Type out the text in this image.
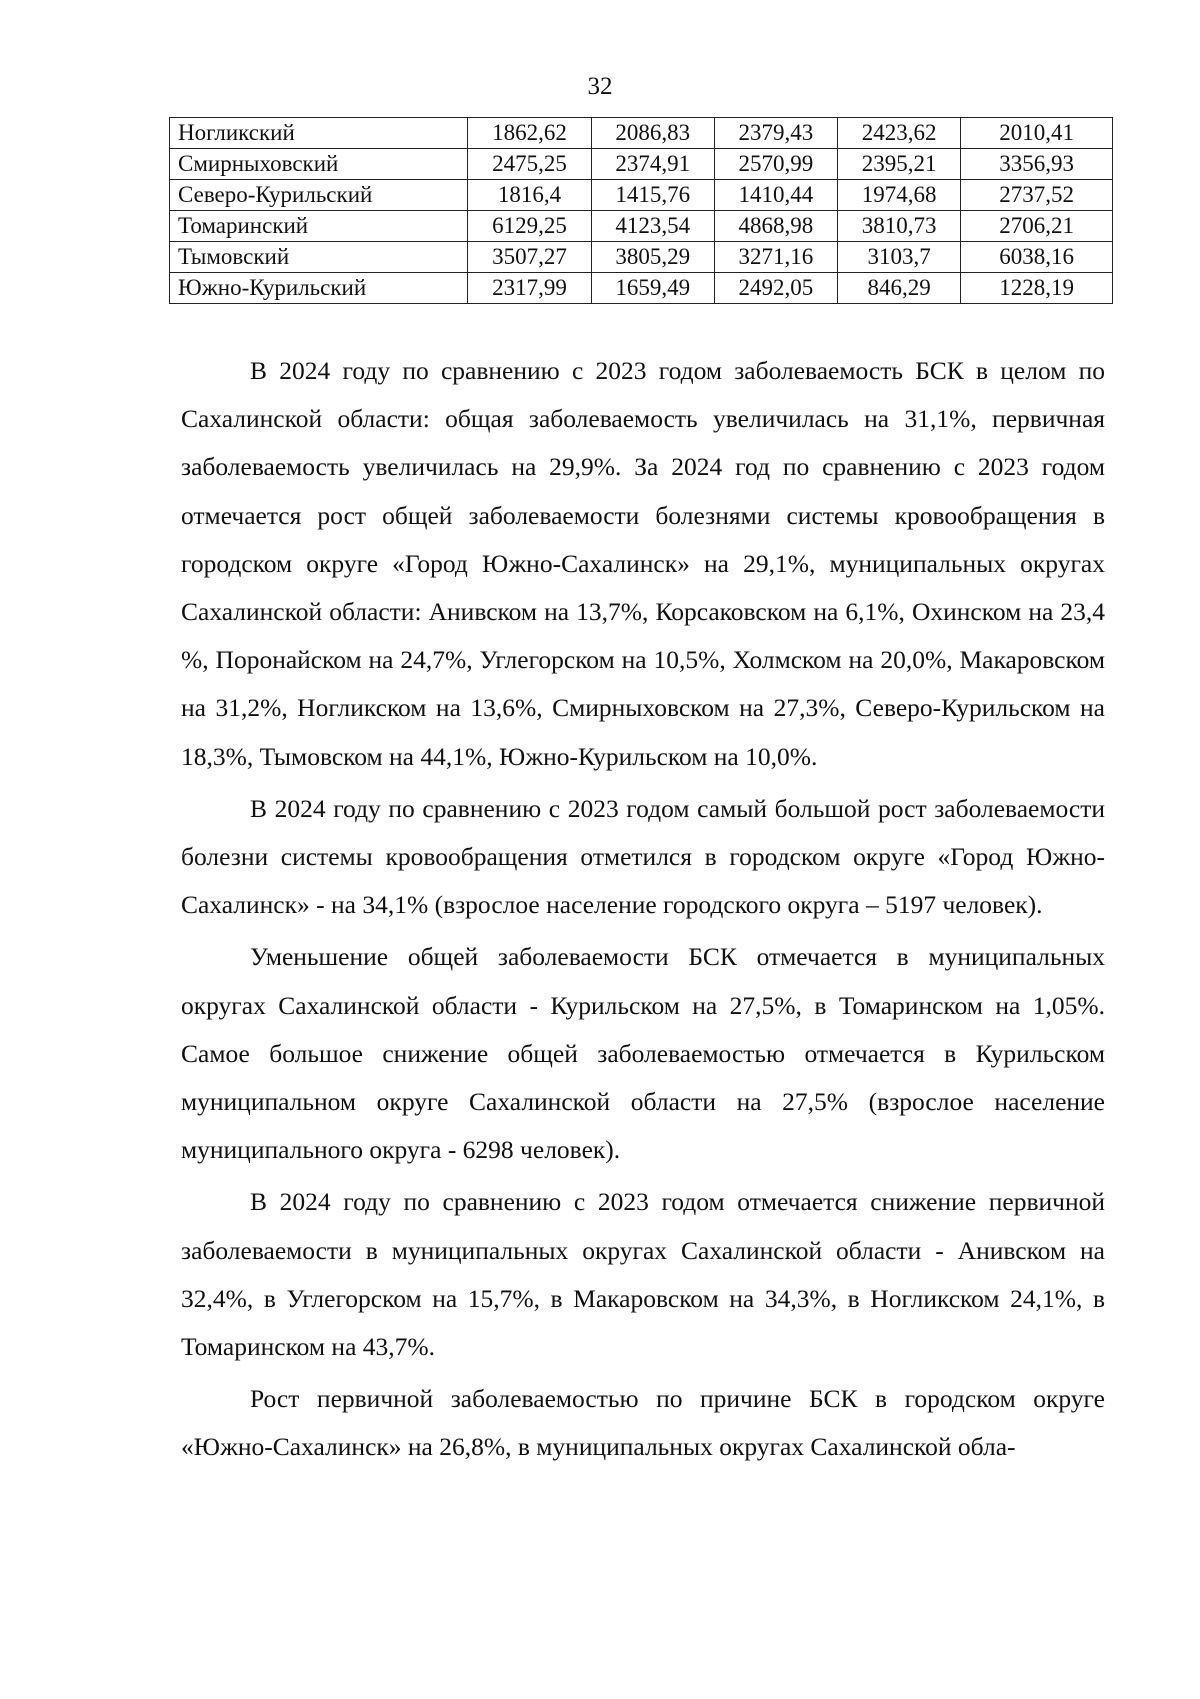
32
Ногликский	1862,62	2086,83	2379,43	2423,62	2010,41
Смирныховский	2475,25	2374,91	2570,99	2395,21	3356,93
Северо-Курильский	1816,4	1415,76	1410,44	1974,68	2737,52
Томаринский	6129,25	4123,54	4868,98	3810,73	2706,21
Тымовский	3507,27	3805,29	3271,16	3103,7	6038,16
Южно-Курильский	2317,99	1659,49	2492,05	846,29	1228,19

В 2024 году по сравнению с 2023 годом заболеваемость БСК в целом по Сахалинской области: общая заболеваемость увеличилась на 31,1%, первичная заболеваемость увеличилась на 29,9%. За 2024 год по сравнению с 2023 годом отмечается рост общей заболеваемости болезнями системы кровообращения в городском округе «Город Южно-Сахалинск» на 29,1%, муниципальных округах Сахалинской области: Анивском на 13,7%, Корсаковском на 6,1%, Охинском на 23,4 %, Поронайском на 24,7%, Углегорском на 10,5%, Холмском на 20,0%, Макаровском на 31,2%, Ногликском на 13,6%, Смирныховском на 27,3%, Северо-Курильском на 18,3%, Тымовском на 44,1%, Южно-Курильском на 10,0%.

В 2024 году по сравнению с 2023 годом самый большой рост заболеваемости болезни системы кровообращения отметился в городском округе «Город Южно-Сахалинск» - на 34,1% (взрослое население городского округа – 5197 человек).

Уменьшение общей заболеваемости БСК отмечается в муниципальных округах Сахалинской области - Курильском на 27,5%, в Томаринском на 1,05%. Самое большое снижение общей заболеваемостью отмечается в Курильском муниципальном округе Сахалинской области на 27,5% (взрослое население муниципального округа - 6298 человек).

В 2024 году по сравнению с 2023 годом отмечается снижение первичной заболеваемости в муниципальных округах Сахалинской области - Анивском на 32,4%, в Углегорском на 15,7%, в Макаровском на 34,3%, в Ногликском 24,1%, в Томаринском на 43,7%.

Рост первичной заболеваемостью по причине БСК в городском округе «Южно-Сахалинск» на 26,8%, в муниципальных округах Сахалинской обла-
